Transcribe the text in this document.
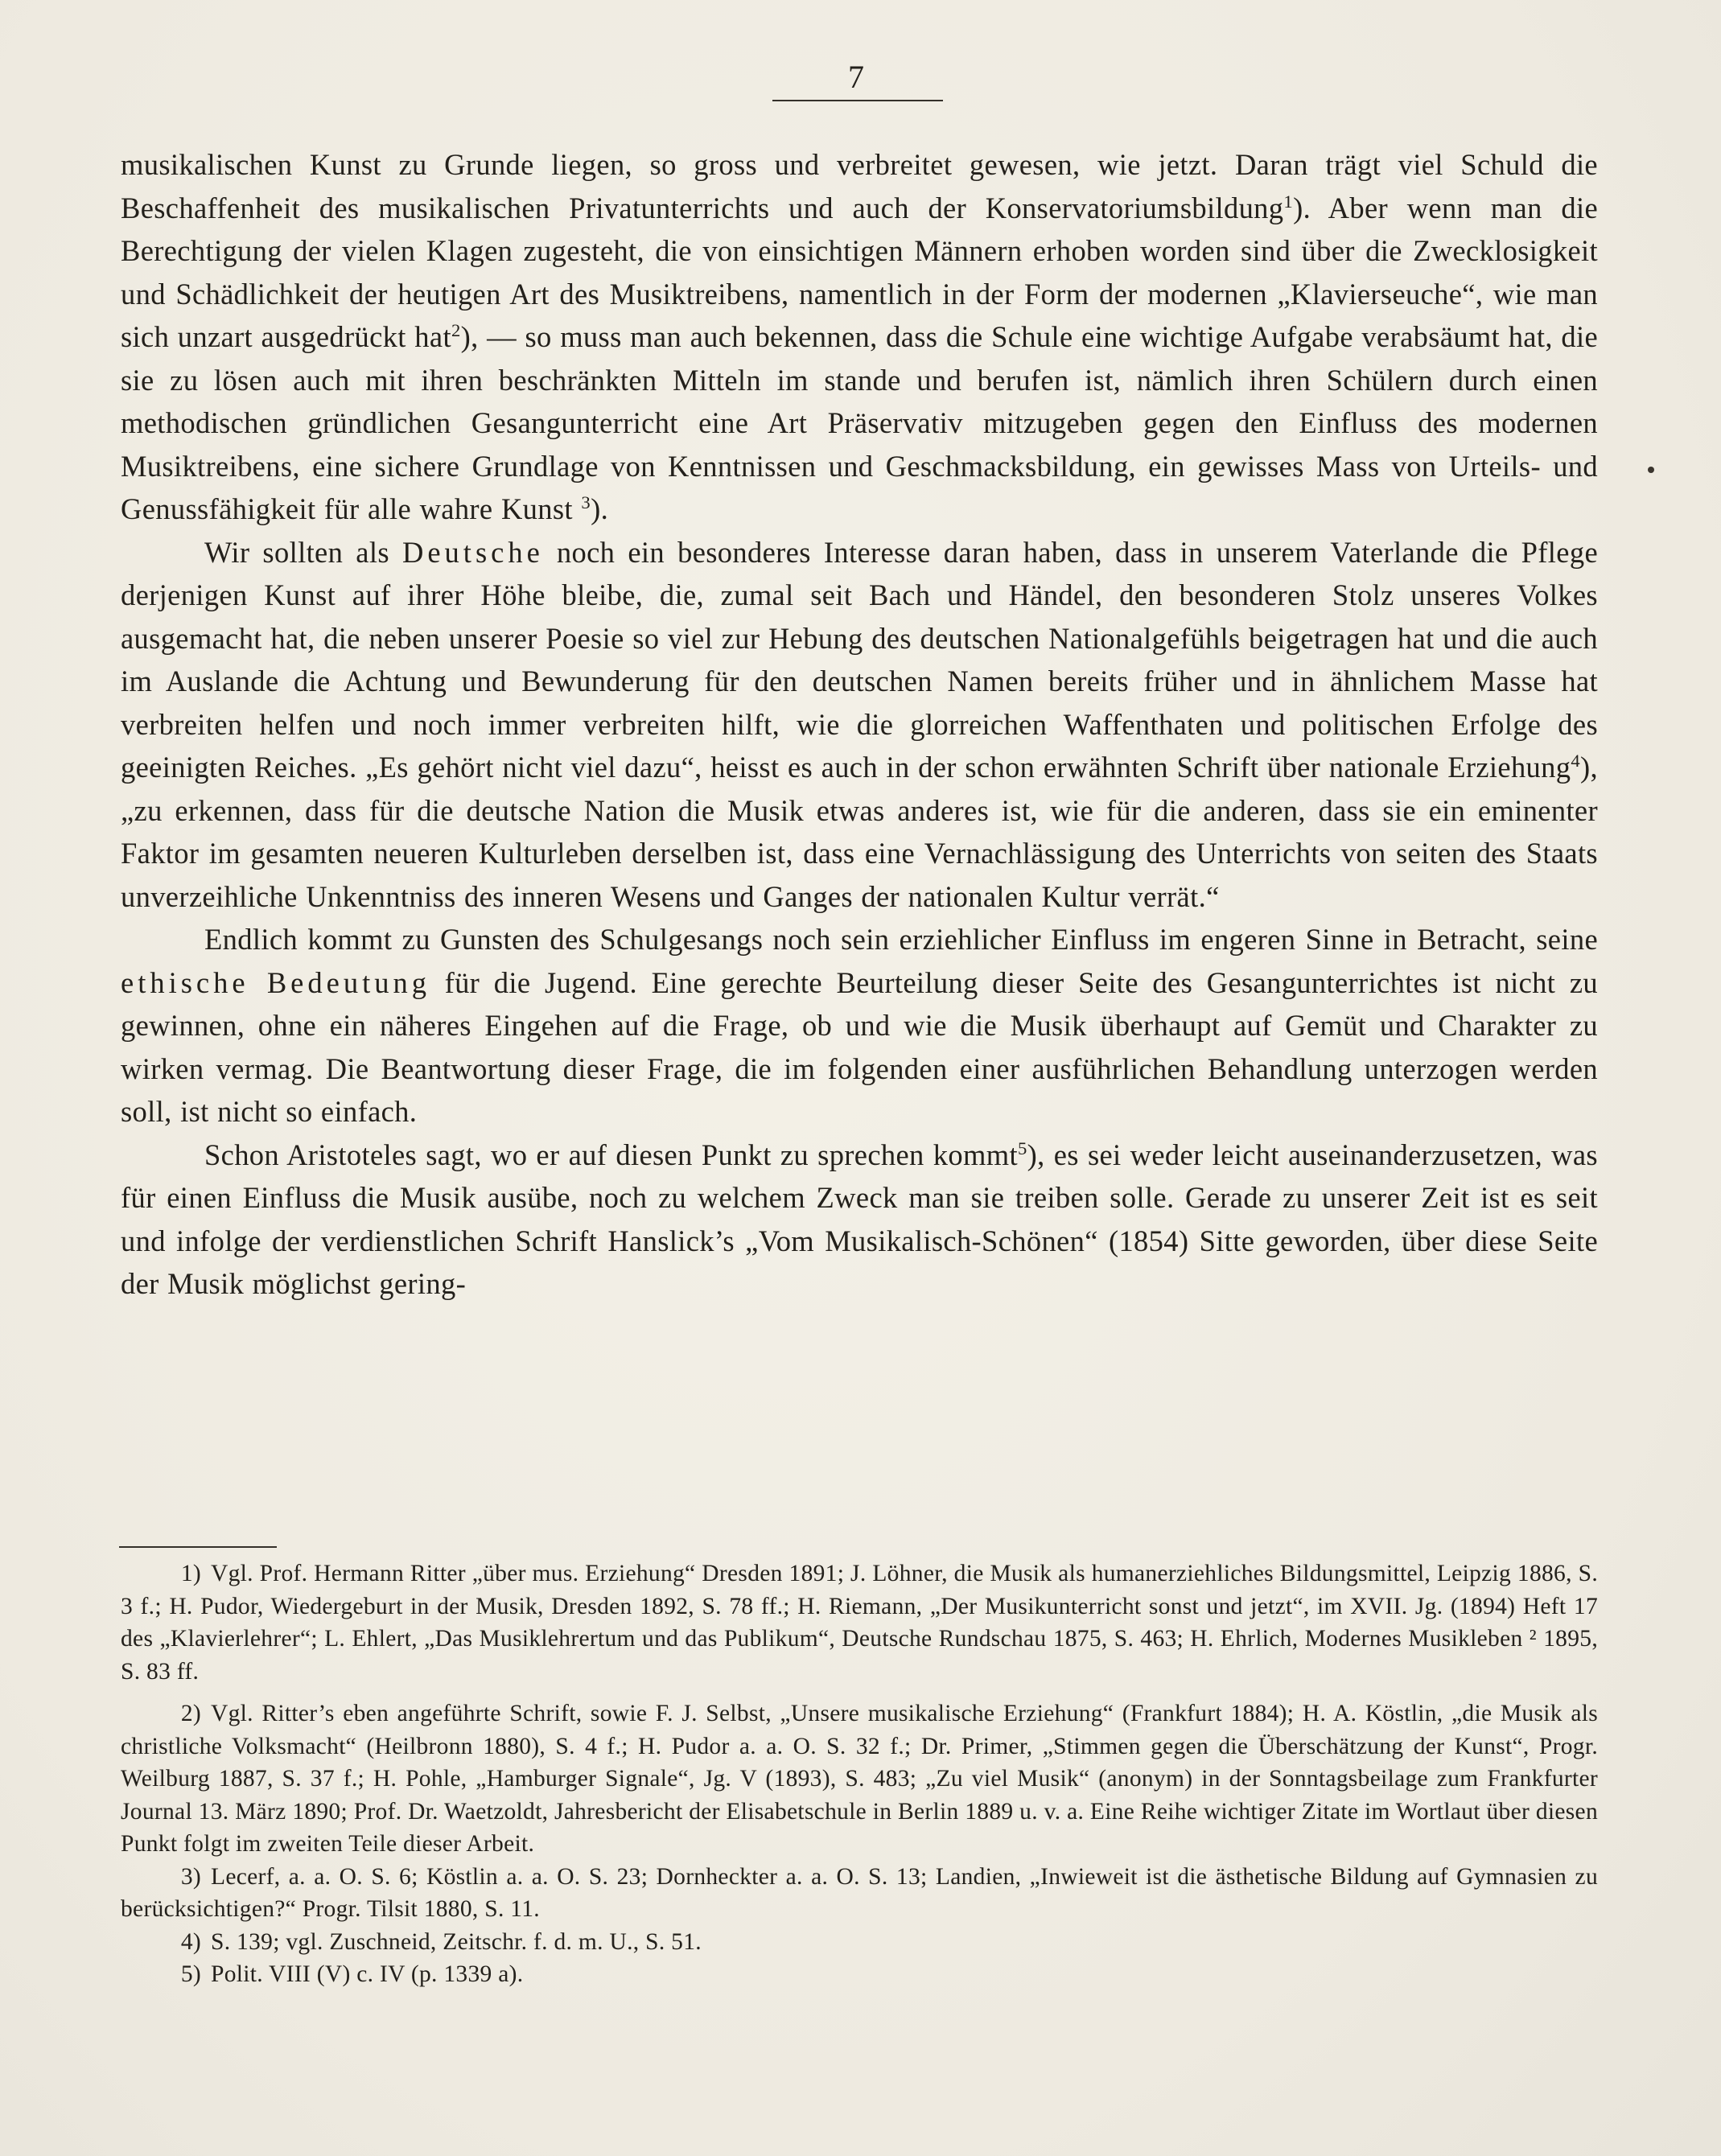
7

musikalischen Kunst zu Grunde liegen, so gross und verbreitet gewesen, wie jetzt. Daran trägt viel Schuld die Beschaffenheit des musikalischen Privatunterrichts und auch der Konservatoriumsbildung$^1$). Aber wenn man die Berechtigung der vielen Klagen zugesteht, die von einsichtigen Männern erhoben worden sind über die Zwecklosigkeit und Schädlichkeit der heutigen Art des Musiktreibens, namentlich in der Form der modernen „Klavierseuche“, wie man sich unzart ausgedrückt hat$^2$), — so muss man auch bekennen, dass die Schule eine wichtige Aufgabe verabsäumt hat, die sie zu lösen auch mit ihren beschränkten Mitteln im stande und berufen ist, nämlich ihren Schülern durch einen methodischen gründlichen Gesangunterricht eine Art Präservativ mitzugeben gegen den Einfluss des modernen Musiktreibens, eine sichere Grundlage von Kenntnissen und Geschmacksbildung, ein gewisses Mass von Urteils- und Genussfähigkeit für alle wahre Kunst $^3$).

Wir sollten als Deutsche noch ein besonderes Interesse daran haben, dass in unserem Vaterlande die Pflege derjenigen Kunst auf ihrer Höhe bleibe, die, zumal seit Bach und Händel, den besonderen Stolz unseres Volkes ausgemacht hat, die neben unserer Poesie so viel zur Hebung des deutschen Nationalgefühls beigetragen hat und die auch im Auslande die Achtung und Bewunderung für den deutschen Namen bereits früher und in ähnlichem Masse hat verbreiten helfen und noch immer verbreiten hilft, wie die glorreichen Waffenthaten und politischen Erfolge des geeinigten Reiches. „Es gehört nicht viel dazu“, heisst es auch in der schon erwähnten Schrift über nationale Erziehung$^4$), „zu erkennen, dass für die deutsche Nation die Musik etwas anderes ist, wie für die anderen, dass sie ein eminenter Faktor im gesamten neueren Kulturleben derselben ist, dass eine Vernachlässigung des Unterrichts von seiten des Staats unverzeihliche Unkenntniss des inneren Wesens und Ganges der nationalen Kultur verrät.“

Endlich kommt zu Gunsten des Schulgesangs noch sein erziehlicher Einfluss im engeren Sinne in Betracht, seine ethische Bedeutung für die Jugend. Eine gerechte Beurteilung dieser Seite des Gesangunterrichtes ist nicht zu gewinnen, ohne ein näheres Eingehen auf die Frage, ob und wie die Musik überhaupt auf Gemüt und Charakter zu wirken vermag. Die Beantwortung dieser Frage, die im folgenden einer ausführlichen Behandlung unterzogen werden soll, ist nicht so einfach.

Schon Aristoteles sagt, wo er auf diesen Punkt zu sprechen kommt$^5$), es sei weder leicht auseinanderzusetzen, was für einen Einfluss die Musik ausübe, noch zu welchem Zweck man sie treiben solle. Gerade zu unserer Zeit ist es seit und infolge der verdienstlichen Schrift Hanslick’s „Vom Musikalisch-Schönen“ (1854) Sitte geworden, über diese Seite der Musik möglichst gering-

1) Vgl. Prof. Hermann Ritter „über mus. Erziehung“ Dresden 1891; J. Löhner, die Musik als humanerziehliches Bildungsmittel, Leipzig 1886, S. 3 f.; H. Pudor, Wiedergeburt in der Musik, Dresden 1892, S. 78 ff.; H. Riemann, „Der Musikunterricht sonst und jetzt“, im XVII. Jg. (1894) Heft 17 des „Klavierlehrer“; L. Ehlert, „Das Musiklehrertum und das Publikum“, Deutsche Rundschau 1875, S. 463; H. Ehrlich, Modernes Musikleben ² 1895, S. 83 ff.

2) Vgl. Ritter’s eben angeführte Schrift, sowie F. J. Selbst, „Unsere musikalische Erziehung“ (Frankfurt 1884); H. A. Köstlin, „die Musik als christliche Volksmacht“ (Heilbronn 1880), S. 4 f.; H. Pudor a. a. O. S. 32 f.; Dr. Primer, „Stimmen gegen die Überschätzung der Kunst“, Progr. Weilburg 1887, S. 37 f.; H. Pohle, „Hamburger Signale“, Jg. V (1893), S. 483; „Zu viel Musik“ (anonym) in der Sonntagsbeilage zum Frankfurter Journal 13. März 1890; Prof. Dr. Waetzoldt, Jahresbericht der Elisabetschule in Berlin 1889 u. v. a. Eine Reihe wichtiger Zitate im Wortlaut über diesen Punkt folgt im zweiten Teile dieser Arbeit.

3) Lecerf, a. a. O. S. 6; Köstlin a. a. O. S. 23; Dornheckter a. a. O. S. 13; Landien, „Inwieweit ist die ästhetische Bildung auf Gymnasien zu berücksichtigen?“ Progr. Tilsit 1880, S. 11.

4) S. 139; vgl. Zuschneid, Zeitschr. f. d. m. U., S. 51.

5) Polit. VIII (V) c. IV (p. 1339 a).
